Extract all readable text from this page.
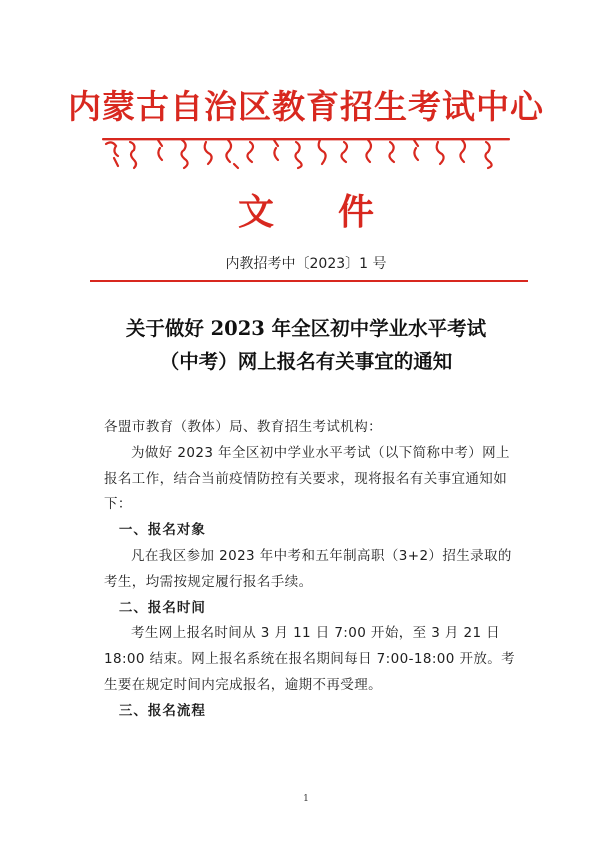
内蒙古自治区教育招生考试中心
文 件
内教招考中〔2023〕1 号
关于做好 2023 年全区初中学业水平考试
（中考）网上报名有关事宜的通知

各盟市教育（教体）局、教育招生考试机构：

为做好 2023 年全区初中学业水平考试（以下简称中考）网上报名工作，结合当前疫情防控有关要求，现将报名有关事宜通知如下：

一、报名对象

凡在我区参加 2023 年中考和五年制高职（3+2）招生录取的考生，均需按规定履行报名手续。

二、报名时间

考生网上报名时间从 3 月 11 日 7:00 开始，至 3 月 21 日 18:00 结束。网上报名系统在报名期间每日 7:00-18:00 开放。考生要在规定时间内完成报名，逾期不再受理。

三、报名流程

1
